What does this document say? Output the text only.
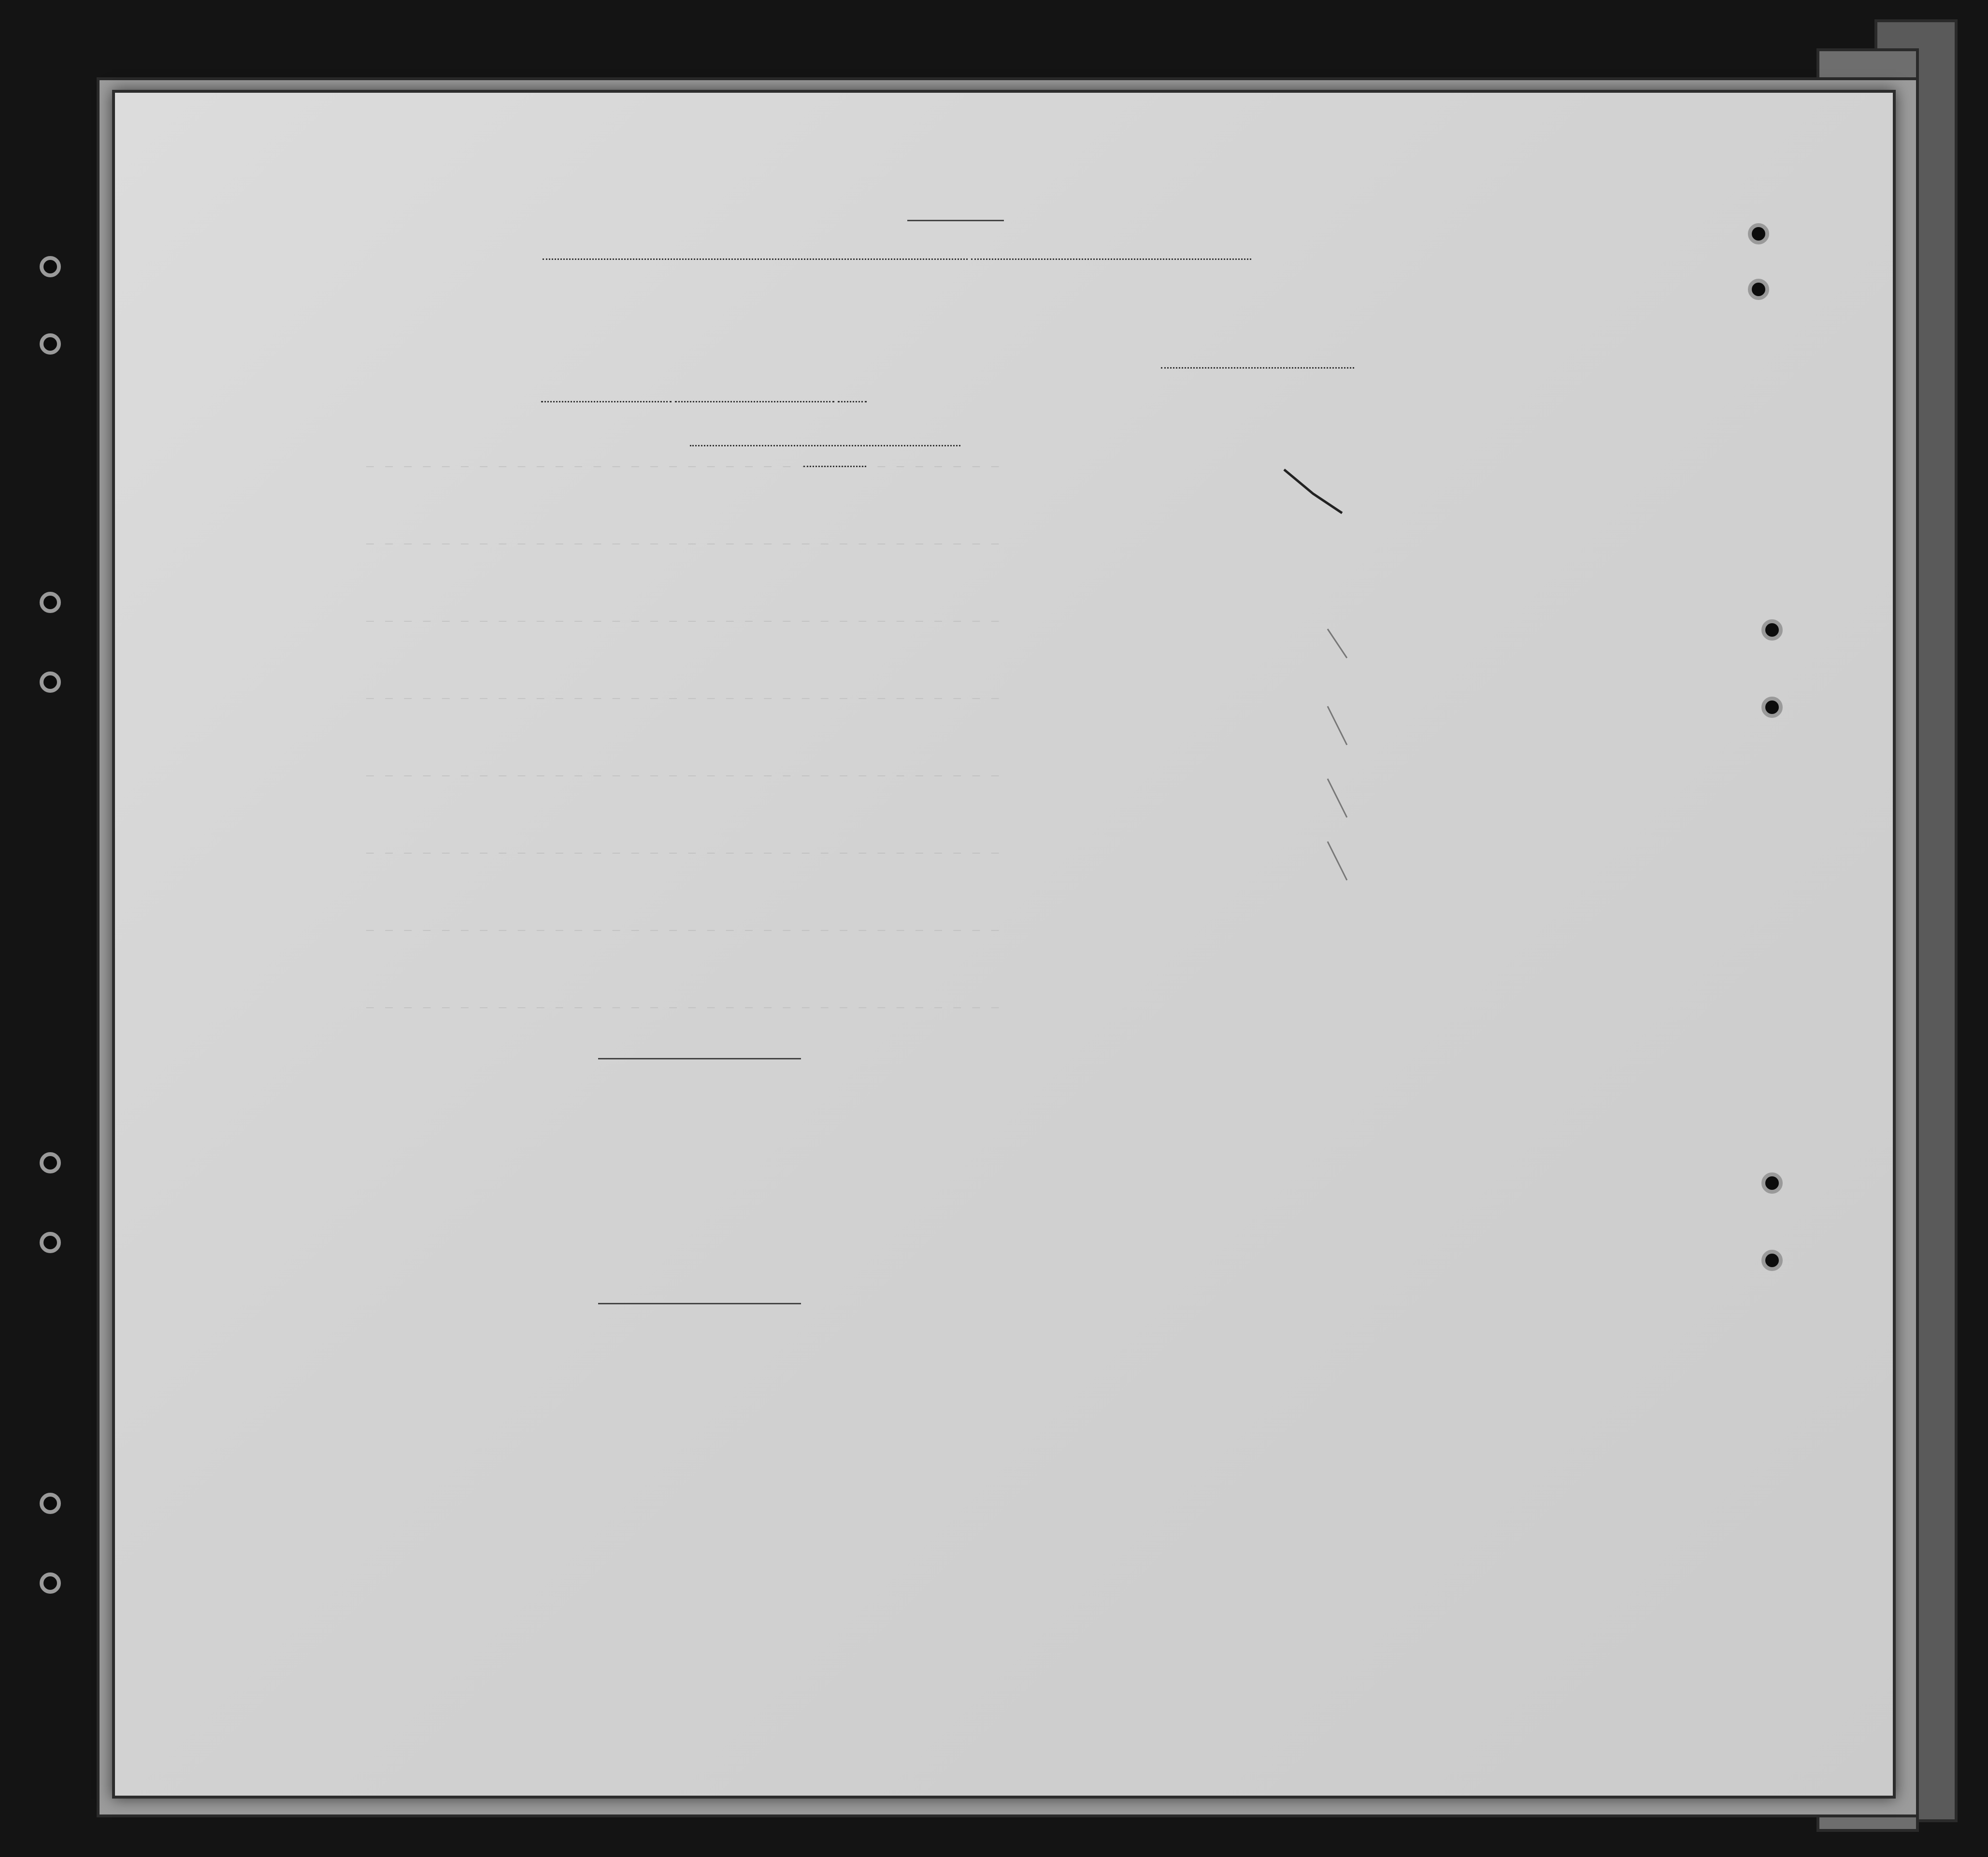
─ ─ ─ ─ ─ ─ ─ ─ ─ ─ ─ ─ ─ ─ ─ ─ ─ ─ ─ ─ ─ ─ ─ ─ ─ ─ ─ ─ ─ ─ ─ ─ ─ ─
─ ─ ─ ─ ─ ─ ─ ─ ─ ─ ─ ─ ─ ─ ─ ─ ─ ─ ─ ─ ─ ─ ─ ─ ─ ─ ─ ─ ─ ─ ─ ─ ─ ─
─ ─ ─ ─ ─ ─ ─ ─ ─ ─ ─ ─ ─ ─ ─ ─ ─ ─ ─ ─ ─ ─ ─ ─ ─ ─ ─ ─ ─ ─ ─ ─ ─ ─
─ ─ ─ ─ ─ ─ ─ ─ ─ ─ ─ ─ ─ ─ ─ ─ ─ ─ ─ ─ ─ ─ ─ ─ ─ ─ ─ ─ ─ ─ ─ ─ ─ ─
─ ─ ─ ─ ─ ─ ─ ─ ─ ─ ─ ─ ─ ─ ─ ─ ─ ─ ─ ─ ─ ─ ─ ─ ─ ─ ─ ─ ─ ─ ─ ─ ─ ─
─ ─ ─ ─ ─ ─ ─ ─ ─ ─ ─ ─ ─ ─ ─ ─ ─ ─ ─ ─ ─ ─ ─ ─ ─ ─ ─ ─ ─ ─ ─ ─ ─ ─
─ ─ ─ ─ ─ ─ ─ ─ ─ ─ ─ ─ ─ ─ ─ ─ ─ ─ ─ ─ ─ ─ ─ ─ ─ ─ ─ ─ ─ ─ ─ ─ ─ ─
─ ─ ─ ─ ─ ─ ─ ─ ─ ─ ─ ─ ─ ─ ─ ─ ─ ─ ─ ─ ─ ─ ─ ─ ─ ─ ─ ─ ─ ─ ─ ─ ─ ─
